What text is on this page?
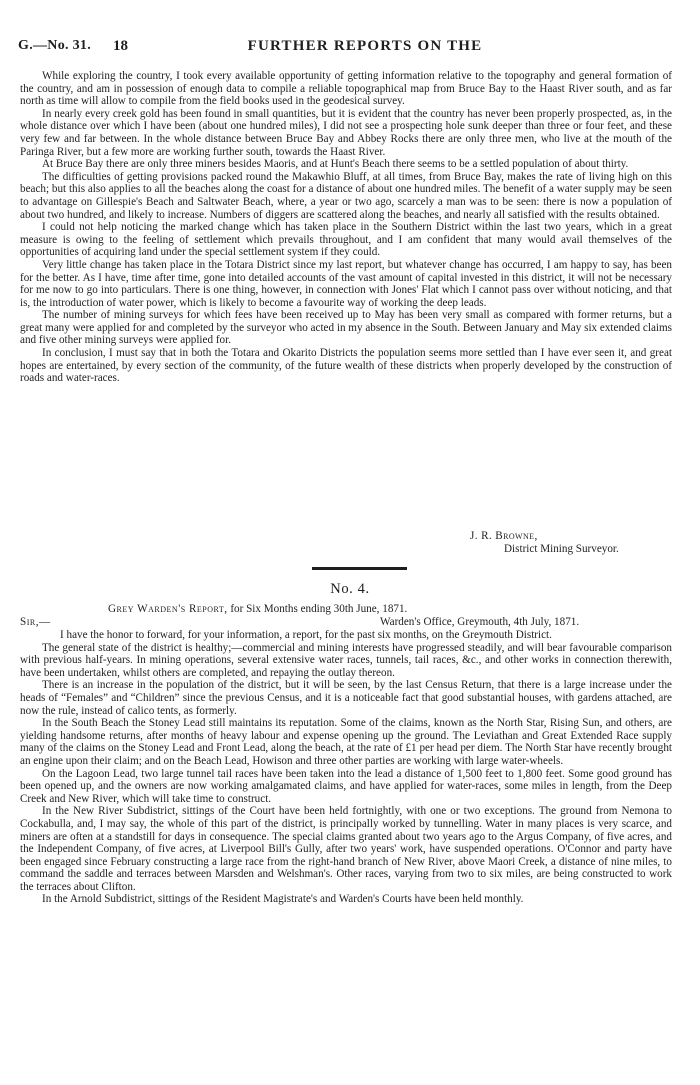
G.—No. 31. 18	FURTHER REPORTS ON THE

While exploring the country, I took every available opportunity of getting information relative to the topography and general formation of the country, and am in possession of enough data to compile a reliable topographical map from Bruce Bay to the Haast River south, and as far north as time will allow to compile from the field books used in the geodesical survey.

In nearly every creek gold has been found in small quantities, but it is evident that the country has never been properly prospected, as, in the whole distance over which I have been (about one hundred miles), I did not see a prospecting hole sunk deeper than three or four feet, and these very few and far between. In the whole distance between Bruce Bay and Abbey Rocks there are only three men, who live at the mouth of the Paringa River, but a few more are working further south, towards the Haast River.

At Bruce Bay there are only three miners besides Maoris, and at Hunt's Beach there seems to be a settled population of about thirty.

The difficulties of getting provisions packed round the Makawhio Bluff, at all times, from Bruce Bay, makes the rate of living high on this beach; but this also applies to all the beaches along the coast for a distance of about one hundred miles. The benefit of a water supply may be seen to advantage on Gillespie's Beach and Saltwater Beach, where, a year or two ago, scarcely a man was to be seen: there is now a population of about two hundred, and likely to increase. Numbers of diggers are scattered along the beaches, and nearly all satisfied with the results obtained.

I could not help noticing the marked change which has taken place in the Southern District within the last two years, which in a great measure is owing to the feeling of settlement which prevails throughout, and I am confident that many would avail themselves of the opportunities of acquiring land under the special settlement system if they could.

Very little change has taken place in the Totara District since my last report, but whatever change has occurred, I am happy to say, has been for the better. As I have, time after time, gone into detailed accounts of the vast amount of capital invested in this district, it will not be necessary for me now to go into particulars. There is one thing, however, in connection with Jones' Flat which I cannot pass over without noticing, and that is, the introduction of water power, which is likely to become a favourite way of working the deep leads.

The number of mining surveys for which fees have been received up to May has been very small as compared with former returns, but a great many were applied for and completed by the surveyor who acted in my absence in the South. Between January and May six extended claims and five other mining surveys were applied for.

In conclusion, I must say that in both the Totara and Okarito Districts the population seems more settled than I have ever seen it, and great hopes are entertained, by every section of the community, of the future wealth of these districts when properly developed by the construction of roads and water-races.

J. R. Browne,
District Mining Surveyor.
No. 4.
Grey Warden's Report, for Six Months ending 30th June, 1871.
Sir,—	Warden's Office, Greymouth, 4th July, 1871.

I have the honor to forward, for your information, a report, for the past six months, on the Greymouth District.

The general state of the district is healthy;—commercial and mining interests have progressed steadily, and will bear favourable comparison with previous half-years. In mining operations, several extensive water races, tunnels, tail races, &c., and other works in connection therewith, have been undertaken, whilst others are completed, and repaying the outlay thereon.

There is an increase in the population of the district, but it will be seen, by the last Census Return, that there is a large increase under the heads of “Females” and “Children” since the previous Census, and it is a noticeable fact that good substantial houses, with gardens attached, are now the rule, instead of calico tents, as formerly.

In the South Beach the Stoney Lead still maintains its reputation. Some of the claims, known as the North Star, Rising Sun, and others, are yielding handsome returns, after months of heavy labour and expense opening up the ground. The Leviathan and Great Extended Race supply many of the claims on the Stoney Lead and Front Lead, along the beach, at the rate of £1 per head per diem. The North Star have recently brought an engine upon their claim; and on the Beach Lead, Howison and three other parties are working with large water-wheels.

On the Lagoon Lead, two large tunnel tail races have been taken into the lead a distance of 1,500 feet to 1,800 feet. Some good ground has been opened up, and the owners are now working amalgamated claims, and have applied for water-races, some miles in length, from the Deep Creek and New River, which will take time to construct.

In the New River Subdistrict, sittings of the Court have been held fortnightly, with one or two exceptions. The ground from Nemona to Cockabulla, and, I may say, the whole of this part of the district, is principally worked by tunnelling. Water in many places is very scarce, and miners are often at a standstill for days in consequence. The special claims granted about two years ago to the Argus Company, of five acres, and the Independent Company, of five acres, at Liverpool Bill's Gully, after two years' work, have suspended operations. O'Connor and party have been engaged since February constructing a large race from the right-hand branch of New River, above Maori Creek, a distance of nine miles, to command the saddle and terraces between Marsden and Welshman's. Other races, varying from two to six miles, are being constructed to work the terraces about Clifton.

In the Arnold Subdistrict, sittings of the Resident Magistrate's and Warden's Courts have been held monthly.
